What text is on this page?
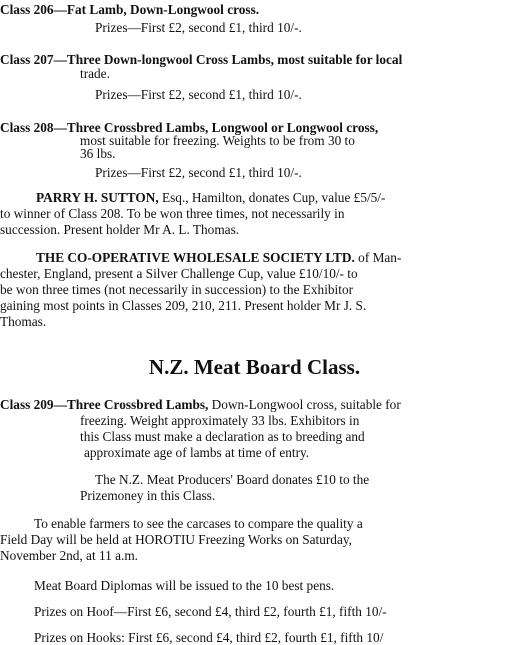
Class 206—Fat Lamb, Down-Longwool cross.
Prizes—First £2, second £1, third 10/-.
Class 207—Three Down-longwool Cross Lambs, most suitable for local
trade.
Prizes—First £2, second £1, third 10/-.
Class 208—Three Crossbred Lambs, Longwool or Longwool cross,
most suitable for freezing. Weights to be from 30 to
36 lbs.
Prizes—First £2, second £1, third 10/-.
PARRY H. SUTTON, Esq., Hamilton, donates Cup, value £5/5/-
to winner of Class 208. To be won three times, not necessarily in
succession. Present holder Mr A. L. Thomas.
THE CO-OPERATIVE WHOLESALE SOCIETY LTD. of Man-
chester, England, present a Silver Challenge Cup, value £10/10/- to
be won three times (not necessarily in succession) to the Exhibitor
gaining most points in Classes 209, 210, 211. Present holder Mr J. S.
Thomas.
N.Z. Meat Board Class.
Class 209—Three Crossbred Lambs, Down-Longwool cross, suitable for
freezing. Weight approximately 33 lbs. Exhibitors in
this Class must make a declaration as to breeding and
approximate age of lambs at time of entry.
The N.Z. Meat Producers' Board donates £10 to the
Prizemoney in this Class.
To enable farmers to see the carcases to compare the quality a
Field Day will be held at HOROTIU Freezing Works on Saturday,
November 2nd, at 11 a.m.
Meat Board Diplomas will be issued to the 10 best pens.
Prizes on Hoof—First £6, second £4, third £2, fourth £1, fifth 10/-
Prizes on Hooks: First £6, second £4, third £2, fourth £1, fifth 10/
